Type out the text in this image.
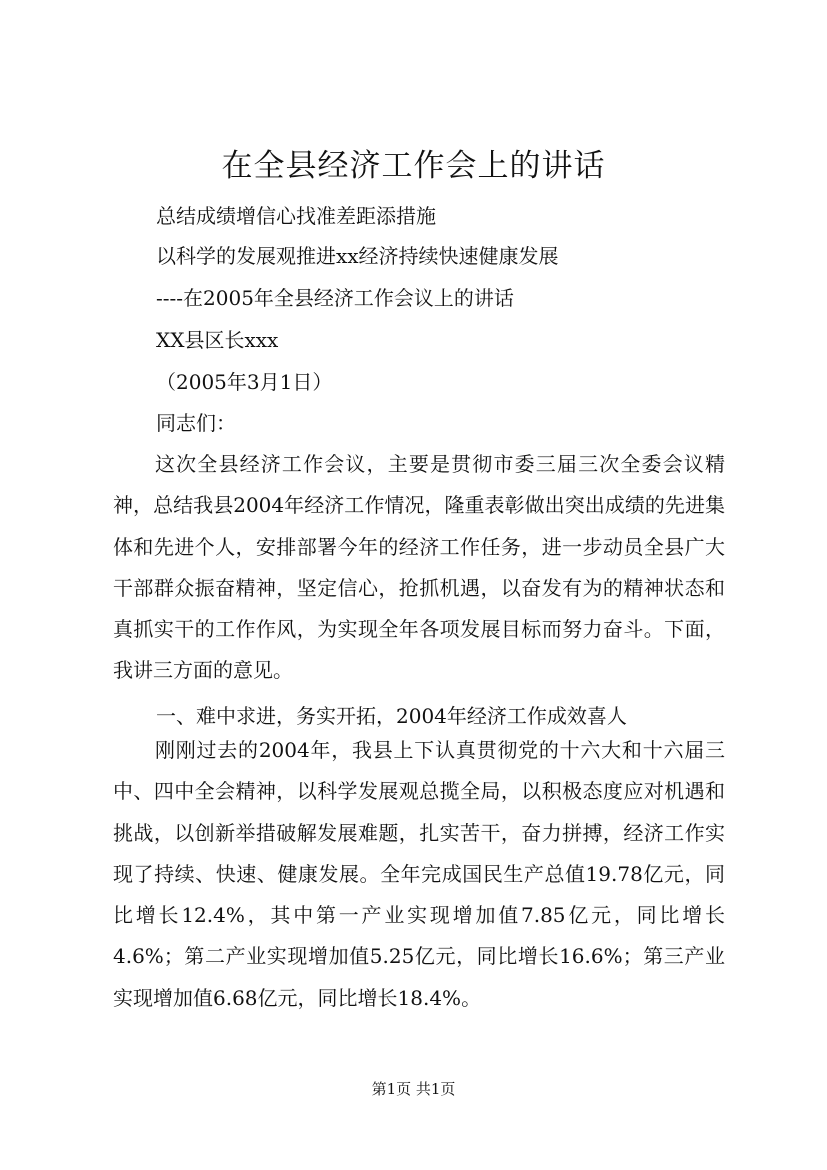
在全县经济工作会上的讲话

总结成绩增信心找准差距添措施

以科学的发展观推进xx经济持续快速健康发展

----在2005年全县经济工作会议上的讲话

XX县区长xxx

（2005年3月1日）

同志们：

这次全县经济工作会议，主要是贯彻市委三届三次全委会议精神，总结我县2004年经济工作情况，隆重表彰做出突出成绩的先进集体和先进个人，安排部署今年的经济工作任务，进一步动员全县广大干部群众振奋精神，坚定信心，抢抓机遇，以奋发有为的精神状态和真抓实干的工作作风，为实现全年各项发展目标而努力奋斗。下面，我讲三方面的意见。

一、难中求进，务实开拓，2004年经济工作成效喜人

刚刚过去的2004年，我县上下认真贯彻党的十六大和十六届三中、四中全会精神，以科学发展观总揽全局，以积极态度应对机遇和挑战，以创新举措破解发展难题，扎实苦干，奋力拼搏，经济工作实现了持续、快速、健康发展。全年完成国民生产总值19.78亿元，同比增长12.4%，其中第一产业实现增加值7.85亿元，同比增长4.6%；第二产业实现增加值5.25亿元，同比增长16.6%；第三产业实现增加值6.68亿元，同比增长18.4%。

第1页 共1页
